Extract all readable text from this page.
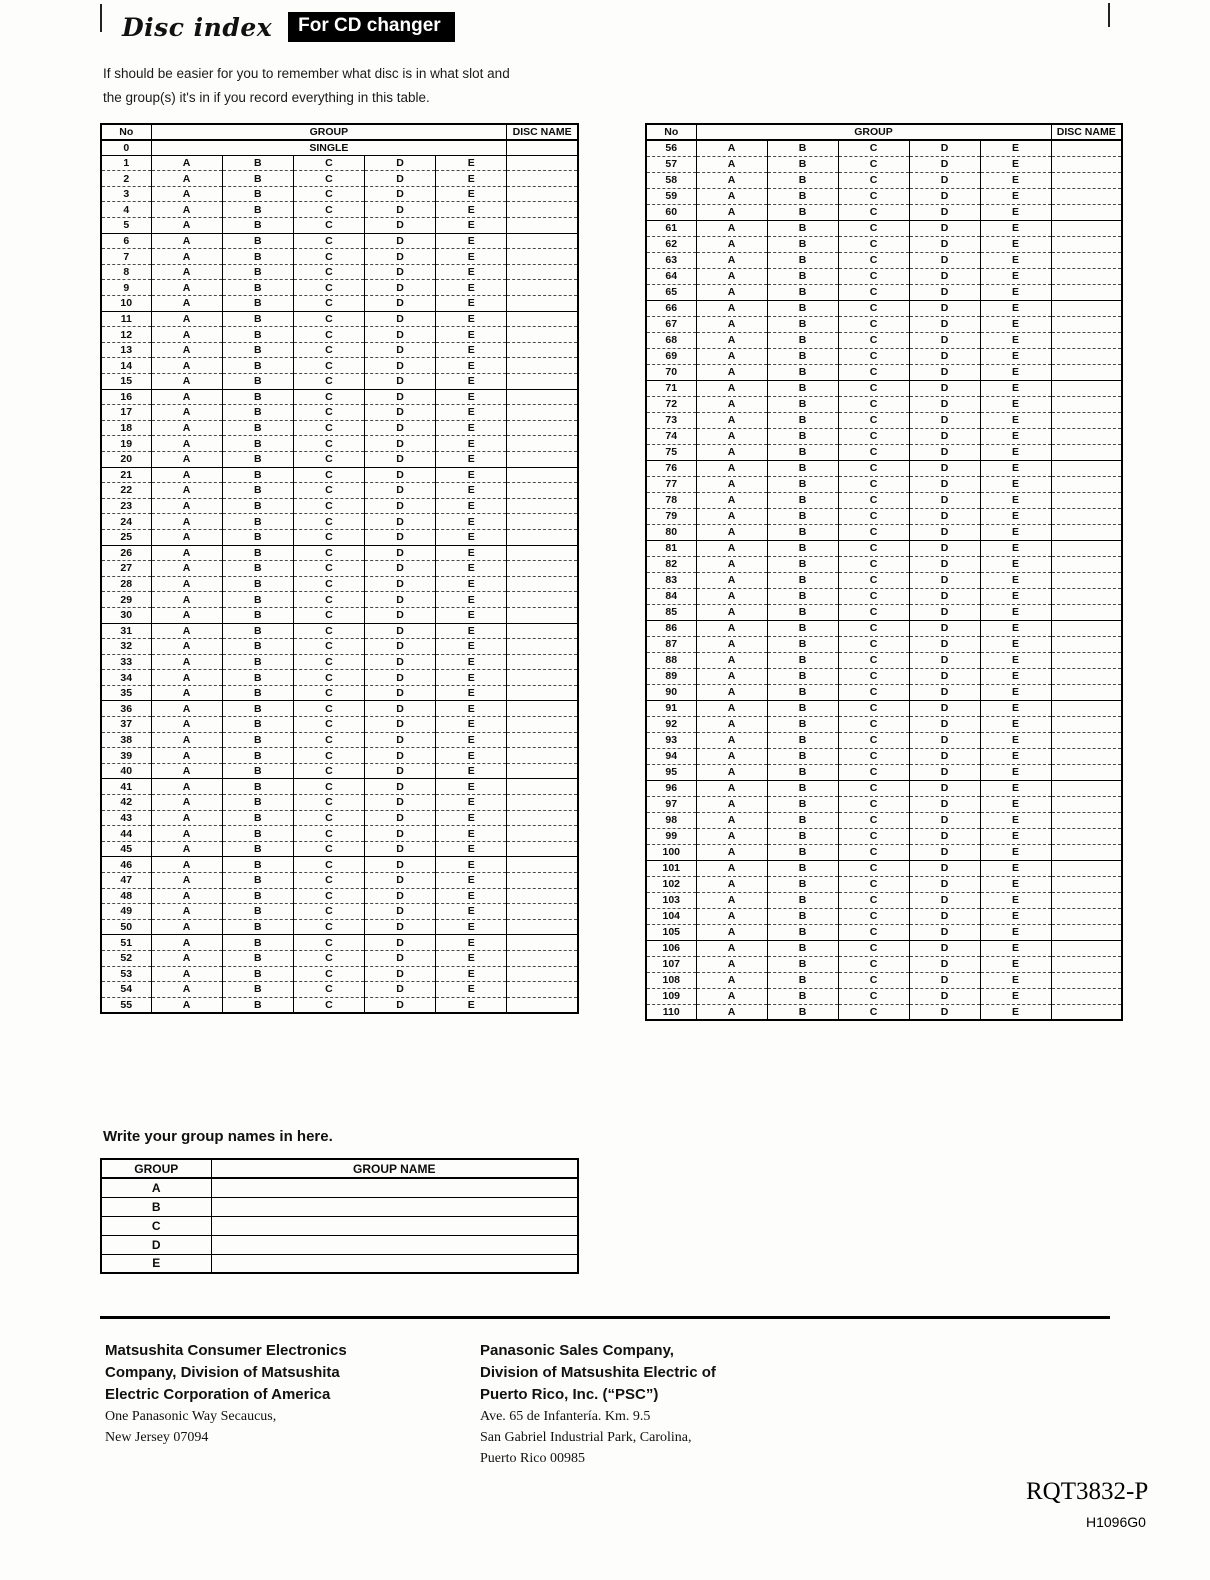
Disc index	For CD changer

If should be easier for you to remember what disc is in what slot and
the group(s) it's in if you record everything in this table.

No	GROUP					DISC NAME
0	SINGLE					
1	A	B	C	D	E	
2	A	B	C	D	E	
3	A	B	C	D	E	
4	A	B	C	D	E	
5	A	B	C	D	E	
6	A	B	C	D	E	
7	A	B	C	D	E	
8	A	B	C	D	E	
9	A	B	C	D	E	
10	A	B	C	D	E	
11	A	B	C	D	E	
12	A	B	C	D	E	
13	A	B	C	D	E	
14	A	B	C	D	E	
15	A	B	C	D	E	
16	A	B	C	D	E	
17	A	B	C	D	E	
18	A	B	C	D	E	
19	A	B	C	D	E	
20	A	B	C	D	E	
21	A	B	C	D	E	
22	A	B	C	D	E	
23	A	B	C	D	E	
24	A	B	C	D	E	
25	A	B	C	D	E	
26	A	B	C	D	E	
27	A	B	C	D	E	
28	A	B	C	D	E	
29	A	B	C	D	E	
30	A	B	C	D	E	
31	A	B	C	D	E	
32	A	B	C	D	E	
33	A	B	C	D	E	
34	A	B	C	D	E	
35	A	B	C	D	E	
36	A	B	C	D	E	
37	A	B	C	D	E	
38	A	B	C	D	E	
39	A	B	C	D	E	
40	A	B	C	D	E	
41	A	B	C	D	E	
42	A	B	C	D	E	
43	A	B	C	D	E	
44	A	B	C	D	E	
45	A	B	C	D	E	
46	A	B	C	D	E	
47	A	B	C	D	E	
48	A	B	C	D	E	
49	A	B	C	D	E	
50	A	B	C	D	E	
51	A	B	C	D	E	
52	A	B	C	D	E	
53	A	B	C	D	E	
54	A	B	C	D	E	
55	A	B	C	D	E	
No	GROUP					DISC NAME
56	A	B	C	D	E	
57	A	B	C	D	E	
58	A	B	C	D	E	
59	A	B	C	D	E	
60	A	B	C	D	E	
61	A	B	C	D	E	
62	A	B	C	D	E	
63	A	B	C	D	E	
64	A	B	C	D	E	
65	A	B	C	D	E	
66	A	B	C	D	E	
67	A	B	C	D	E	
68	A	B	C	D	E	
69	A	B	C	D	E	
70	A	B	C	D	E	
71	A	B	C	D	E	
72	A	B	C	D	E	
73	A	B	C	D	E	
74	A	B	C	D	E	
75	A	B	C	D	E	
76	A	B	C	D	E	
77	A	B	C	D	E	
78	A	B	C	D	E	
79	A	B	C	D	E	
80	A	B	C	D	E	
81	A	B	C	D	E	
82	A	B	C	D	E	
83	A	B	C	D	E	
84	A	B	C	D	E	
85	A	B	C	D	E	
86	A	B	C	D	E	
87	A	B	C	D	E	
88	A	B	C	D	E	
89	A	B	C	D	E	
90	A	B	C	D	E	
91	A	B	C	D	E	
92	A	B	C	D	E	
93	A	B	C	D	E	
94	A	B	C	D	E	
95	A	B	C	D	E	
96	A	B	C	D	E	
97	A	B	C	D	E	
98	A	B	C	D	E	
99	A	B	C	D	E	
100	A	B	C	D	E	
101	A	B	C	D	E	
102	A	B	C	D	E	
103	A	B	C	D	E	
104	A	B	C	D	E	
105	A	B	C	D	E	
106	A	B	C	D	E	
107	A	B	C	D	E	
108	A	B	C	D	E	
109	A	B	C	D	E	
110	A	B	C	D	E	

Write your group names in here.

GROUP	GROUP NAME
A	
B	
C	
D	
E	
Matsushita Consumer Electronics
Company, Division of Matsushita
Electric Corporation of America
One Panasonic Way Secaucus,
New Jersey 07094
Panasonic Sales Company,
Division of Matsushita Electric of
Puerto Rico, Inc. (“PSC”)
Ave. 65 de Infantería. Km. 9.5
San Gabriel Industrial Park, Carolina,
Puerto Rico 00985
RQT3832-P
H1096G0
